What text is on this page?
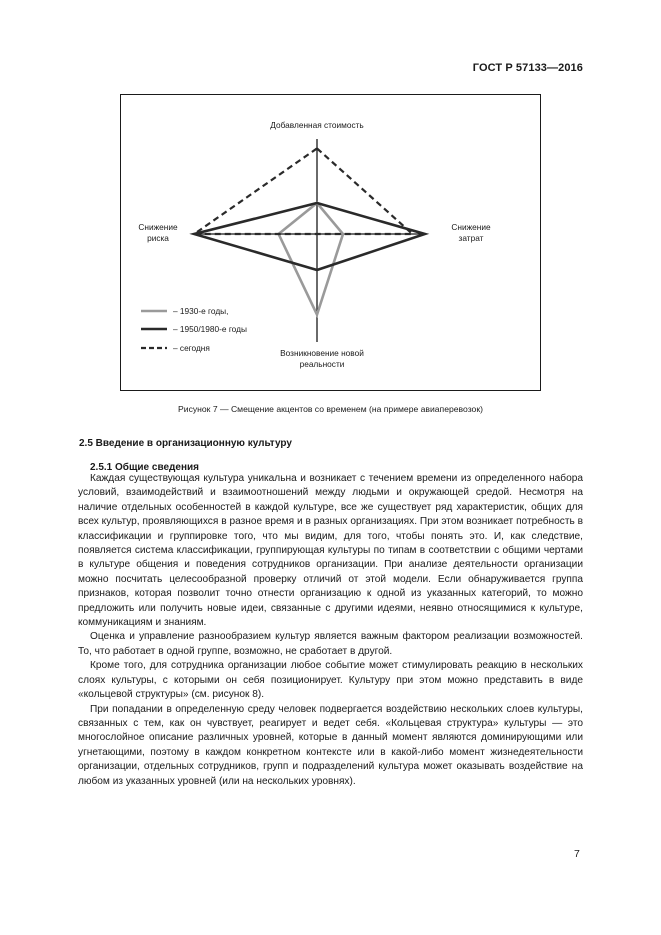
ГОСТ Р 57133—2016
Добавленная стоимость
Снижение
риска
Снижение
затрат
Возникновение новой
реальности
– 1930-е годы,
– 1950/1980-е годы
– сегодня
Рисунок 7 — Смещение акцентов со временем (на примере авиаперевозок)
2.5 Введение в организационную культуру
2.5.1 Общие сведения

Каждая существующая культура уникальна и возникает с течением времени из определенного набора условий, взаимодействий и взаимоотношений между людьми и окружающей средой. Несмотря на наличие отдельных особенностей в каждой культуре, все же существует ряд характеристик, общих для всех культур, проявляющихся в разное время и в разных организациях. При этом возникает потребность в классификации и группировке того, что мы видим, для того, чтобы понять это. И, как следствие, появляется система классификации, группирующая культуры по типам в соответствии с общими чертами в культуре общения и поведения сотрудников организации. При анализе деятельности организации можно посчитать целесообразной проверку отличий от этой модели. Если обнаруживается группа признаков, которая позволит точно отнести организацию к одной из указанных категорий, то можно предложить или получить новые идеи, связанные с другими идеями, неявно относящимися к культуре, коммуникациям и знаниям.

Оценка и управление разнообразием культур является важным фактором реализации возможностей. То, что работает в одной группе, возможно, не сработает в другой.

Кроме того, для сотрудника организации любое событие может стимулировать реакцию в нескольких слоях культуры, с которыми он себя позиционирует. Культуру при этом можно представить в виде «кольцевой структуры» (см. рисунок 8).

При попадании в определенную среду человек подвергается воздействию нескольких слоев культуры, связанных с тем, как он чувствует, реагирует и ведет себя. «Кольцевая структура» культуры — это многослойное описание различных уровней, которые в данный момент являются доминирующими или угнетающими, поэтому в каждом конкретном контексте или в какой-либо момент жизнедеятельности организации, отдельных сотрудников, групп и подразделений культура может оказывать воздействие на любом из указанных уровней (или на нескольких уровнях).

7
